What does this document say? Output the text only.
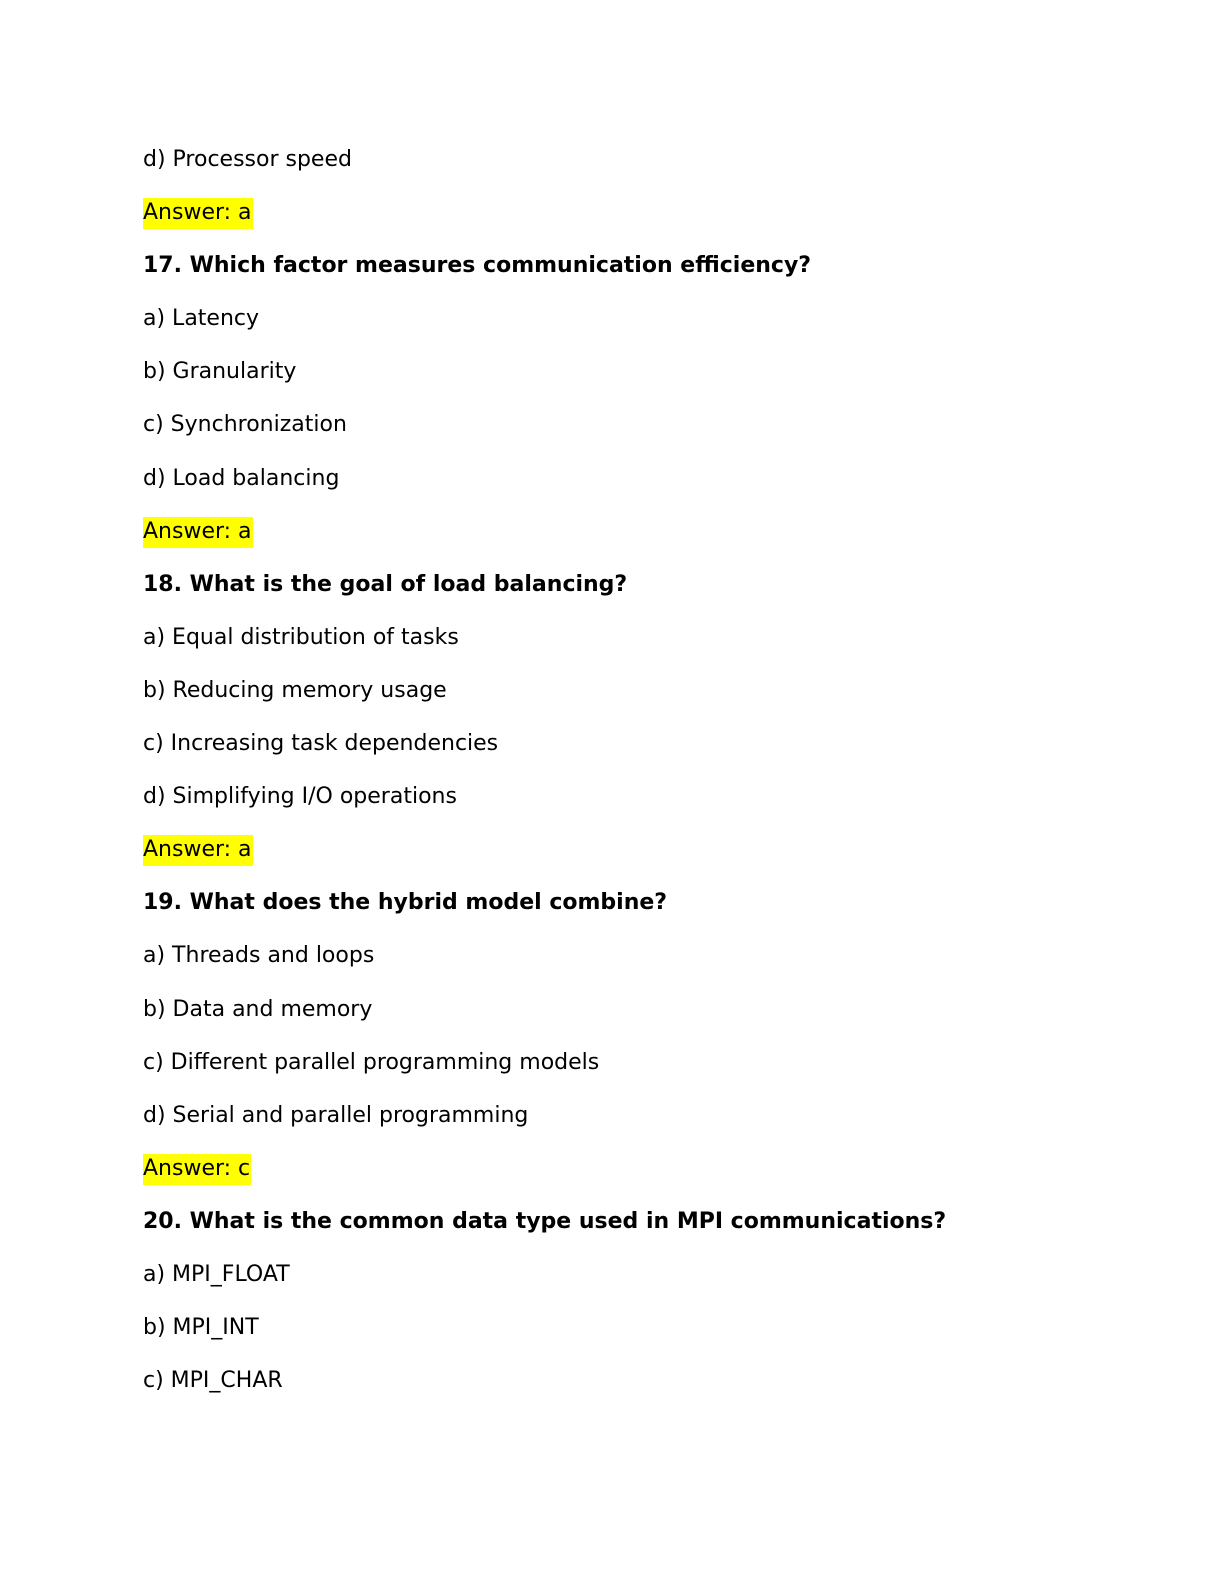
d) Processor speed
Answer: a
17. Which factor measures communication efficiency?
a) Latency
b) Granularity
c) Synchronization
d) Load balancing
Answer: a
18. What is the goal of load balancing?
a) Equal distribution of tasks
b) Reducing memory usage
c) Increasing task dependencies
d) Simplifying I/O operations
Answer: a
19. What does the hybrid model combine?
a) Threads and loops
b) Data and memory
c) Different parallel programming models
d) Serial and parallel programming
Answer: c
20. What is the common data type used in MPI communications?
a) MPI_FLOAT
b) MPI_INT
c) MPI_CHAR
